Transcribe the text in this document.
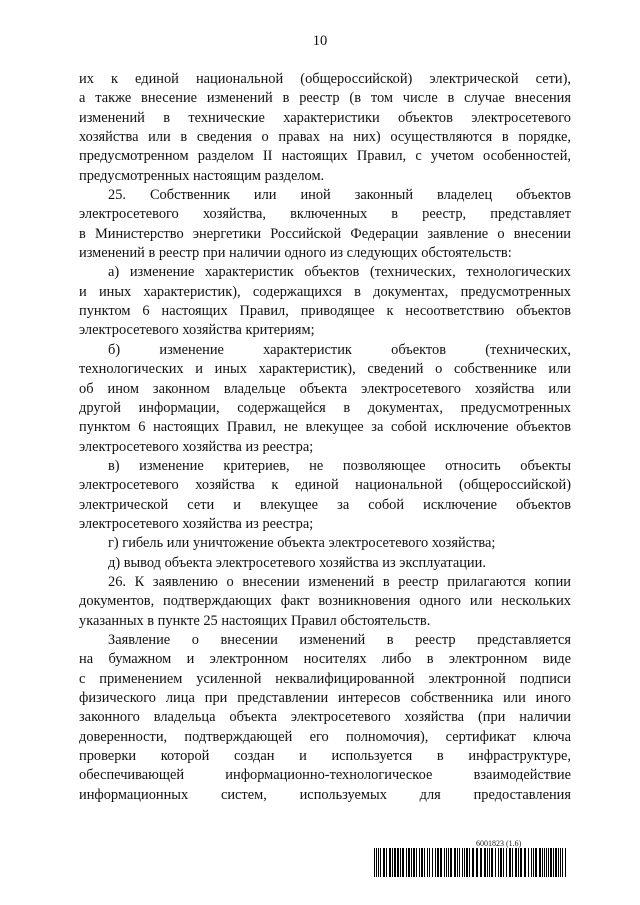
10
их к единой национальной (общероссийской) электрической сети),
а также внесение изменений в реестр (в том числе в случае внесения
изменений в технические характеристики объектов электросетевого
хозяйства или в сведения о правах на них) осуществляются в порядке,
предусмотренном разделом II настоящих Правил, с учетом особенностей,
предусмотренных настоящим разделом.
25. Собственник или иной законный владелец объектов
электросетевого хозяйства, включенных в реестр, представляет
в Министерство энергетики Российской Федерации заявление о внесении
изменений в реестр при наличии одного из следующих обстоятельств:
а) изменение характеристик объектов (технических, технологических
и иных характеристик), содержащихся в документах, предусмотренных
пунктом 6 настоящих Правил, приводящее к несоответствию объектов
электросетевого хозяйства критериям;
б) изменение характеристик объектов (технических,
технологических и иных характеристик), сведений о собственнике или
об ином законном владельце объекта электросетевого хозяйства или
другой информации, содержащейся в документах, предусмотренных
пунктом 6 настоящих Правил, не влекущее за собой исключение объектов
электросетевого хозяйства из реестра;
в) изменение критериев, не позволяющее относить объекты
электросетевого хозяйства к единой национальной (общероссийской)
электрической сети и влекущее за собой исключение объектов
электросетевого хозяйства из реестра;
г) гибель или уничтожение объекта электросетевого хозяйства;
д) вывод объекта электросетевого хозяйства из эксплуатации.
26. К заявлению о внесении изменений в реестр прилагаются копии
документов, подтверждающих факт возникновения одного или нескольких
указанных в пункте 25 настоящих Правил обстоятельств.
Заявление о внесении изменений в реестр представляется
на бумажном и электронном носителях либо в электронном виде
с применением усиленной неквалифицированной электронной подписи
физического лица при представлении интересов собственника или иного
законного владельца объекта электросетевого хозяйства (при наличии
доверенности, подтверждающей его полномочия), сертификат ключа
проверки которой создан и используется в инфраструктуре,
обеспечивающей информационно-технологическое взаимодействие
информационных систем, используемых для предоставления
6001823 (1.6)
